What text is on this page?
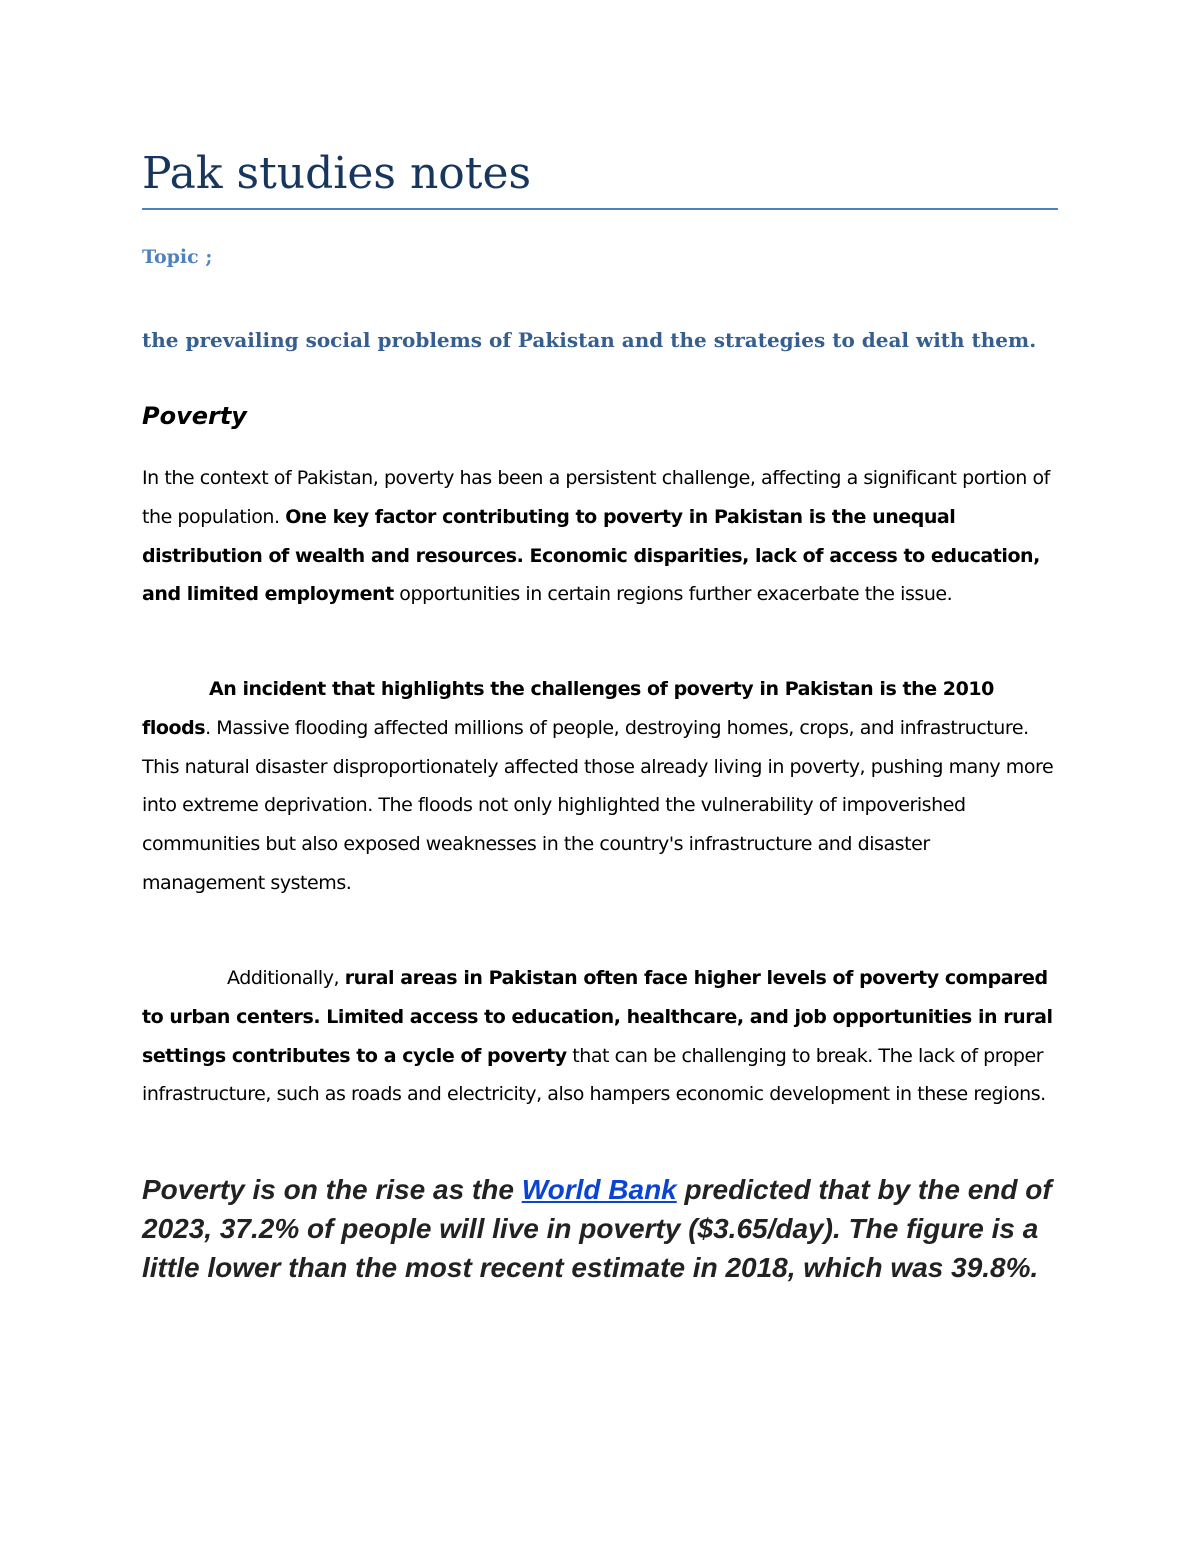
Pak studies notes
Topic ;
the prevailing social problems of Pakistan and the strategies to deal with them.
Poverty

In the context of Pakistan, poverty has been a persistent challenge, affecting a significant portion of the population. One key factor contributing to poverty in Pakistan is the unequal distribution of wealth and resources. Economic disparities, lack of access to education, and limited employment opportunities in certain regions further exacerbate the issue.

An incident that highlights the challenges of poverty in Pakistan is the 2010 floods. Massive flooding affected millions of people, destroying homes, crops, and infrastructure. This natural disaster disproportionately affected those already living in poverty, pushing many more into extreme deprivation. The floods not only highlighted the vulnerability of impoverished communities but also exposed weaknesses in the country's infrastructure and disaster management systems.

Additionally, rural areas in Pakistan often face higher levels of poverty compared to urban centers. Limited access to education, healthcare, and job opportunities in rural settings contributes to a cycle of poverty that can be challenging to break. The lack of proper infrastructure, such as roads and electricity, also hampers economic development in these regions.

Poverty is on the rise as the World Bank predicted that by the end of 2023, 37.2% of people will live in poverty ($3.65/day). The figure is a little lower than the most recent estimate in 2018, which was 39.8%.
